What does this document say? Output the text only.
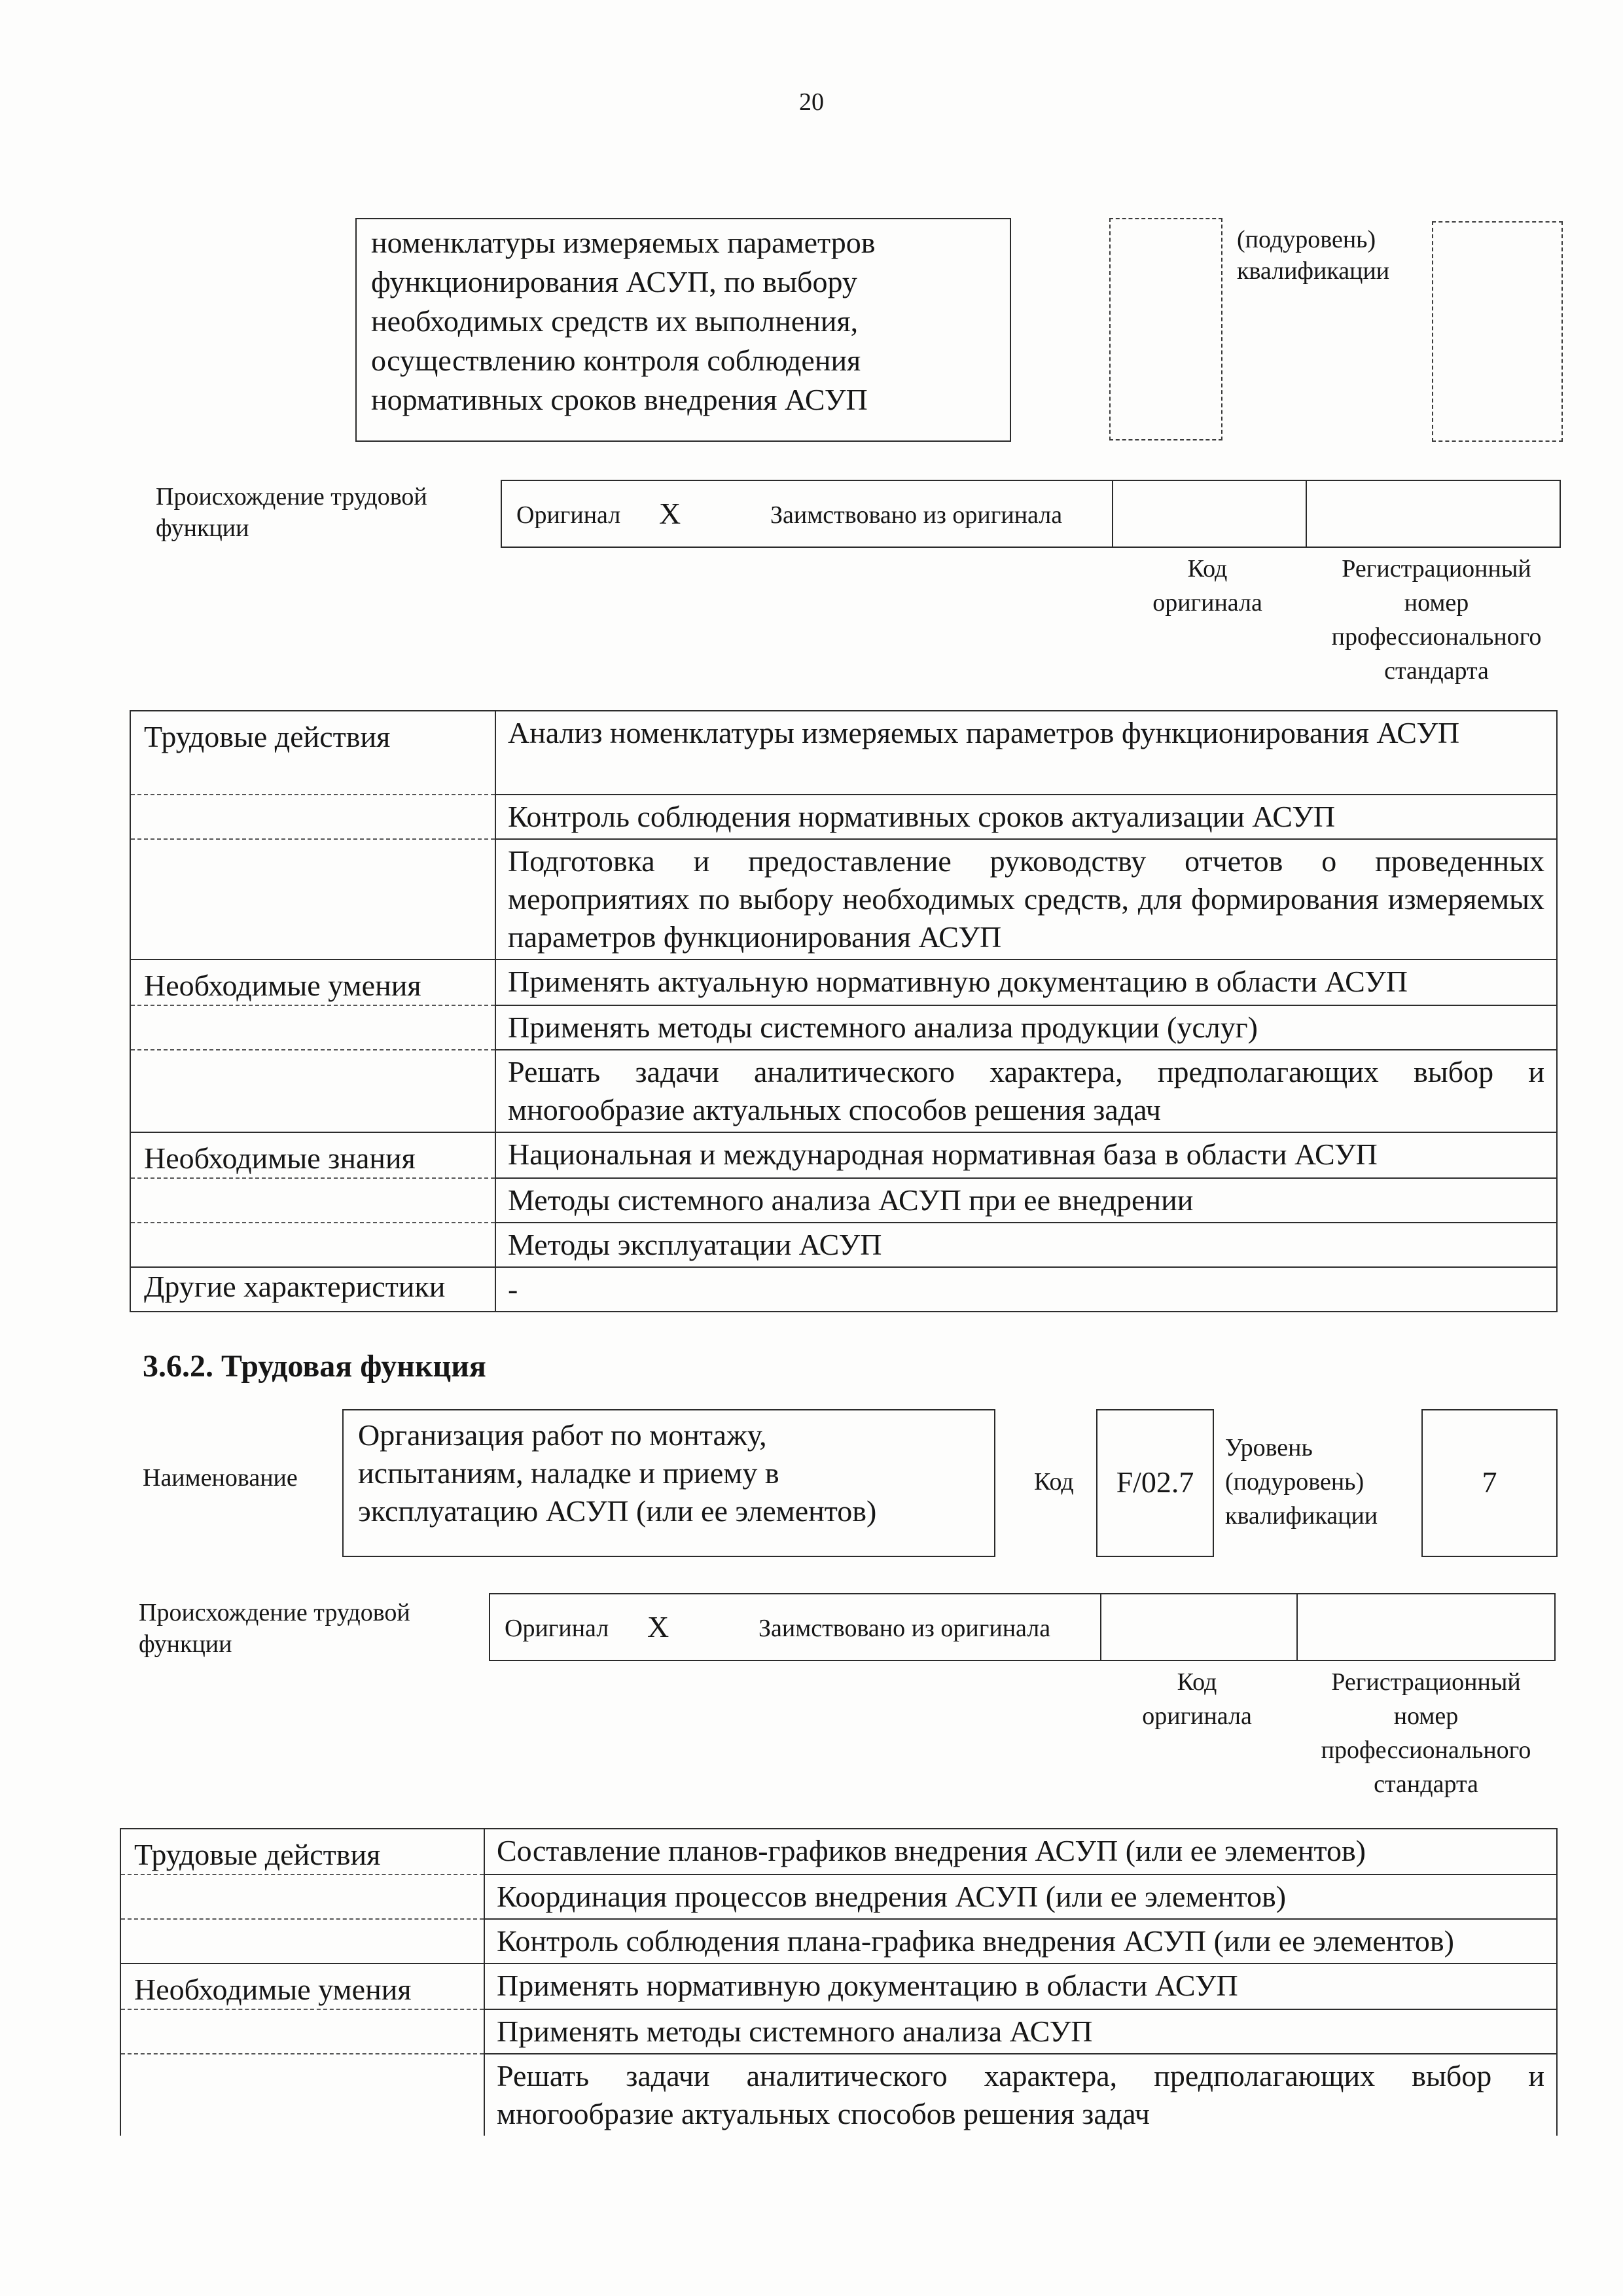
20
номенклатуры измеряемых параметров
функционирования АСУП, по выбору
необходимых средств их выполнения,
осуществлению контроля соблюдения
нормативных сроков внедрения АСУП
(подуровень)
квалификации
Происхождение трудовой
функции	Оригинал X	Заимствовано из оригинала
Код
оригинала
Регистрационный
номер
профессионального
стандарта
Трудовые действия	Анализ номенклатуры измеряемых параметров функционирования АСУП
	Контроль соблюдения нормативных сроков актуализации АСУП
	Подготовка и предоставление руководству отчетов о проведенных мероприятиях по выбору необходимых средств, для формирования измеряемых параметров функционирования АСУП
Необходимые умения	Применять актуальную нормативную документацию в области АСУП
	Применять методы системного анализа продукции (услуг)
	Решать задачи аналитического характера, предполагающих выбор и многообразие актуальных способов решения задач
Необходимые знания	Национальная и международная нормативная база в области АСУП
	Методы системного анализа АСУП при ее внедрении
	Методы эксплуатации АСУП
Другие характеристики	-
3.6.2. Трудовая функция
Наименование
Организация работ по монтажу,
испытаниям, наладке и приему в
эксплуатацию АСУП (или ее элементов)
Код	F/02.7
Уровень
(подуровень)
квалификации
7
Происхождение трудовой
функции
Оригинал X	Заимствовано из оригинала
Код
оригинала
Регистрационный
номер
профессионального
стандарта
Трудовые действия	Составление планов-графиков внедрения АСУП (или ее элементов)
	Координация процессов внедрения АСУП (или ее элементов)
	Контроль соблюдения плана-графика внедрения АСУП (или ее элементов)
Необходимые умения	Применять нормативную документацию в области АСУП
	Применять методы системного анализа АСУП
	Решать задачи аналитического характера, предполагающих выбор и многообразие актуальных способов решения задач
